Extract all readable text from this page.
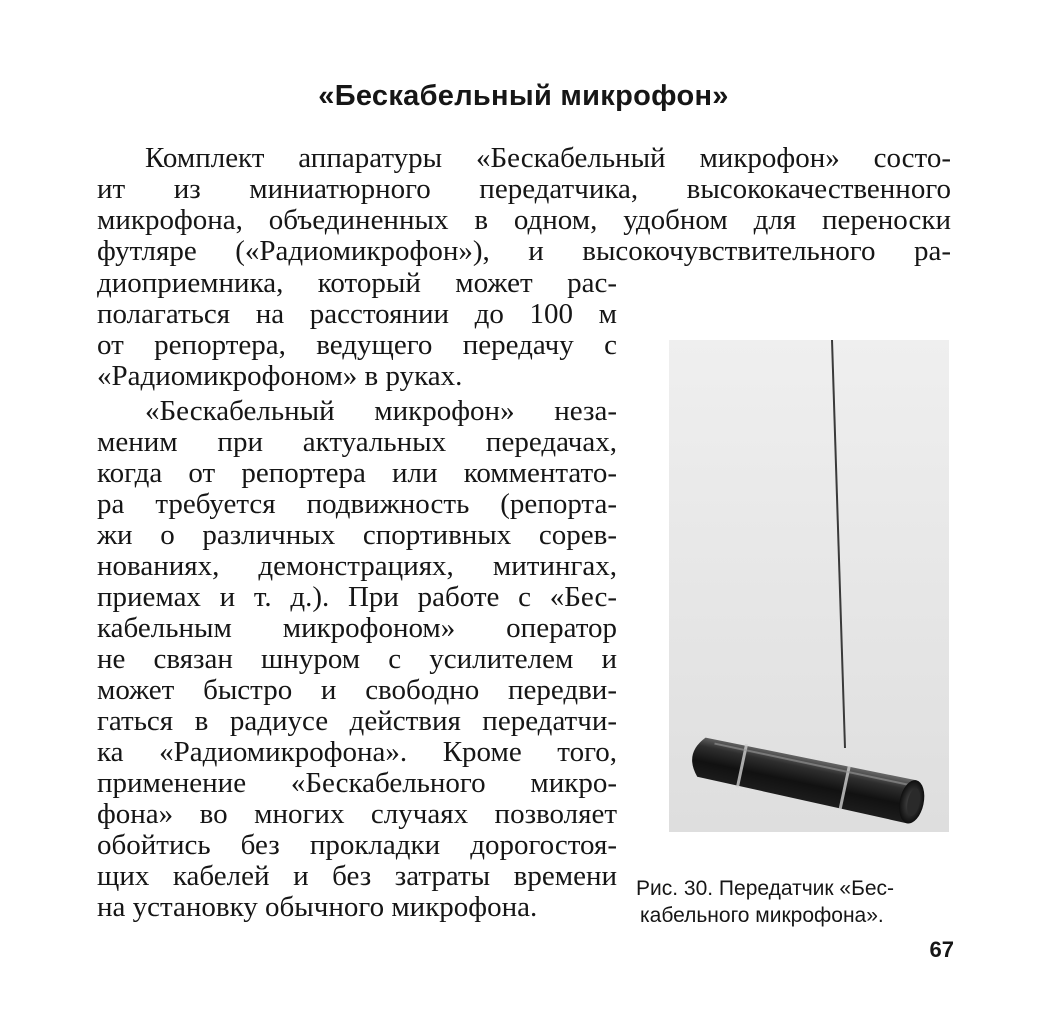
«Бескабельный микрофон»
Комплект аппаратуры «Бескабельный микрофон» состо-
ит из миниатюрного передатчика, высококачественного
микрофона, объединенных в одном, удобном для переноски
футляре («Радиомикрофон»), и высокочувствительного ра-
диоприемника, который может рас-
полагаться на расстоянии до 100 м
от репортера, ведущего передачу с
«Радиомикрофоном» в руках.
«Бескабельный микрофон» неза-
меним при актуальных передачах,
когда от репортера или комментато-
ра требуется подвижность (репорта-
жи о различных спортивных сорев-
нованиях, демонстрациях, митингах,
приемах и т. д.). При работе с «Бес-
кабельным микрофоном» оператор
не связан шнуром с усилителем и
может быстро и свободно передви-
гаться в радиусе действия передатчи-
ка «Радиомикрофона». Кроме того,
применение «Бескабельного микро-
фона» во многих случаях позволяет
обойтись без прокладки дорогостоя-
щих кабелей и без затраты времени
на установку обычного микрофона.
Рис. 30. Передатчик «Бес-
кабельного микрофона».
67
